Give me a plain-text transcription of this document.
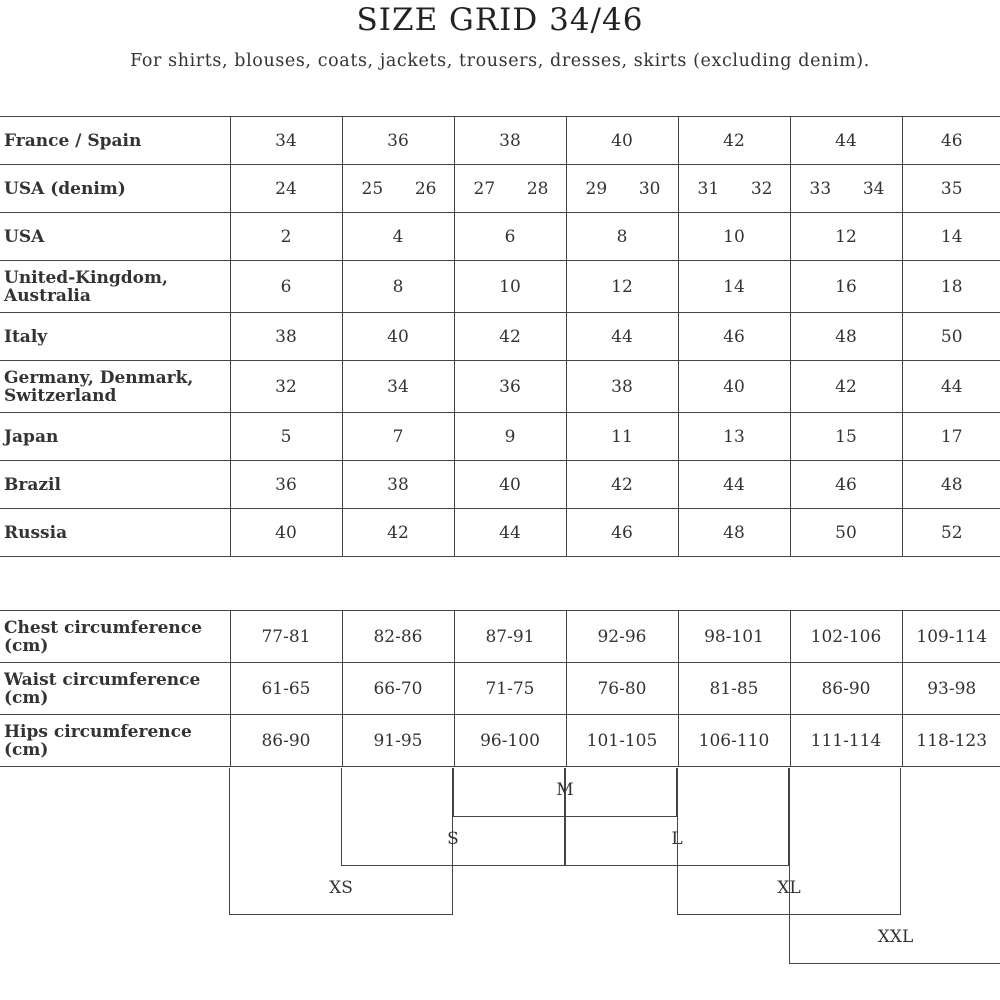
SIZE GRID 34/46
For shirts, blouses, coats, jackets, trousers, dresses, skirts (excluding denim).
France / Spain	34	36	38	40	42	44	46
USA (denim)	24	25 26	27 28	29 30	31 32	33 34	35
USA	2	4	6	8	10	12	14
United-Kingdom, Australia	6	8	10	12	14	16	18
Italy	38	40	42	44	46	48	50
Germany, Denmark, Switzerland	32	34	36	38	40	42	44
Japan	5	7	9	11	13	15	17
Brazil	36	38	40	42	44	46	48
Russia	40	42	44	46	48	50	52
Chest circumference (cm)	77-81	82-86	87-91	92-96	98-101	102-106	109-114
Waist circumference (cm)	61-65	66-70	71-75	76-80	81-85	86-90	93-98
Hips circumference (cm)	86-90	91-95	96-100	101-105	106-110	111-114	118-123
XS
S
M
L
XL
XXL
